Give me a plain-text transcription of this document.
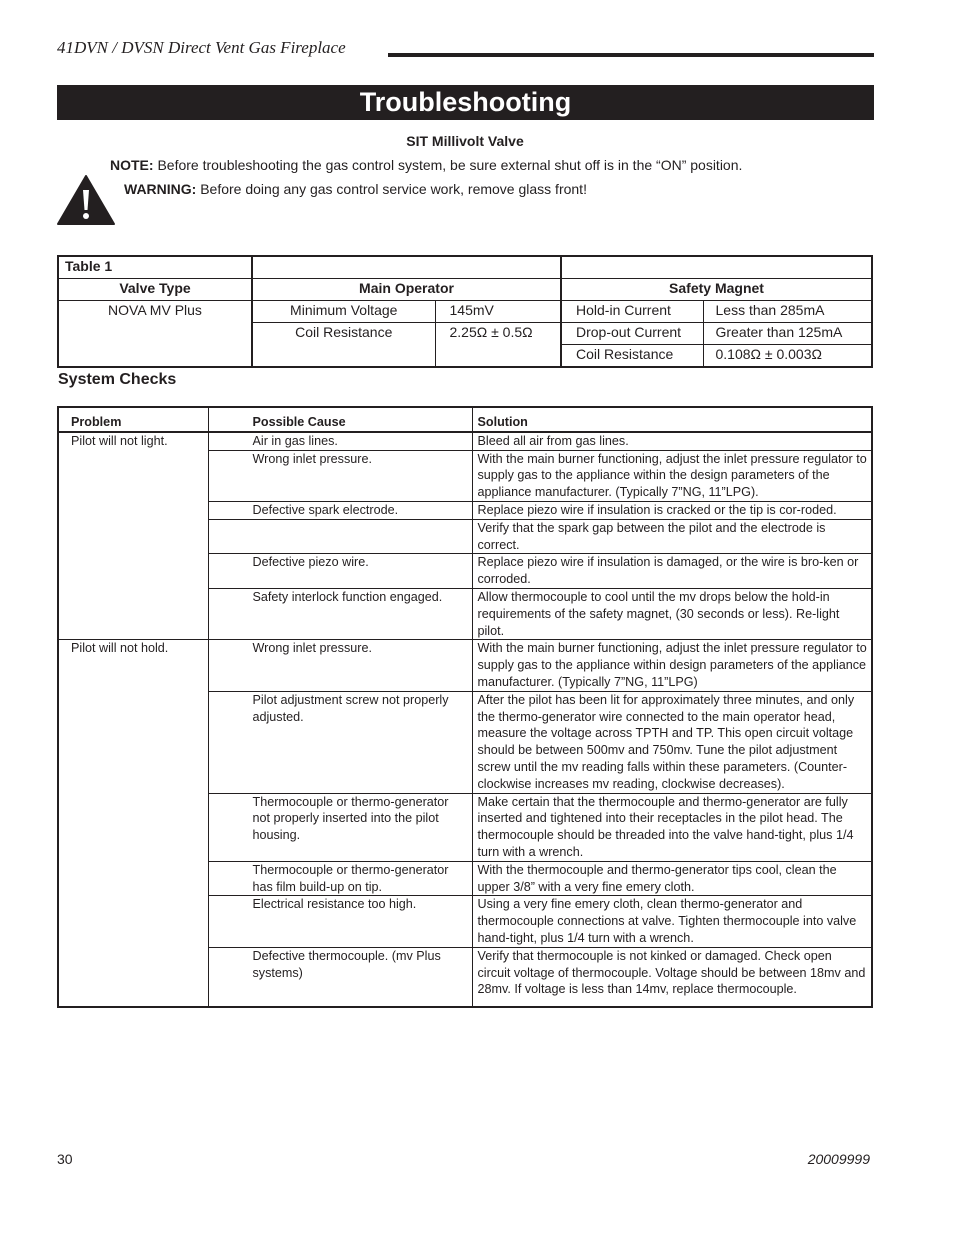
41DVN / DVSN Direct Vent Gas Fireplace
Troubleshooting
SIT Millivolt Valve
NOTE: Before troubleshooting the gas control system, be sure external shut off is in the “ON” position.
WARNING: Before doing any gas control service work, remove glass front!
Table 1				
Valve Type	Main Operator		Safety Magnet	
NOVA MV Plus	Minimum Voltage	145mV	Hold-in Current	Less than 285mA
	Coil Resistance	2.25Ω ± 0.5Ω	Drop-out Current	Greater than 125mA
			Coil Resistance	0.108Ω ± 0.003Ω
System Checks
Problem	Possible Cause	Solution
Pilot will not light.	Air in gas lines.	Bleed all air from gas lines.
	Wrong inlet pressure.	With the main burner functioning, adjust the inlet pressure regulator to supply gas to the appliance within the design parameters of the appliance manufacturer. (Typically 7”NG, 11”LPG).
	Defective spark electrode.	Replace piezo wire if insulation is cracked or the tip is cor-roded.
		Verify that the spark gap between the pilot and the electrode is correct.
	Defective piezo wire.	Replace piezo wire if insulation is damaged, or the wire is bro-ken or corroded.
	Safety interlock function engaged.	Allow thermocouple to cool until the mv drops below the hold-in requirements of the safety magnet, (30 seconds or less). Re-light pilot.
Pilot will not hold.	Wrong inlet pressure.	With the main burner functioning, adjust the inlet pressure regulator to supply gas to the appliance within design parameters of the appliance manufacturer. (Typically 7”NG, 11”LPG)
	Pilot adjustment screw not properly adjusted.	After the pilot has been lit for approximately three minutes, and only the thermo-generator wire connected to the main operator head, measure the voltage across TPTH and TP. This open circuit voltage should be between 500mv and 750mv. Tune the pilot adjustment screw until the mv reading falls within these parameters. (Counter-clockwise increases mv reading, clockwise decreases).
	Thermocouple or thermo-generator not properly inserted into the pilot housing.	Make certain that the thermocouple and thermo-generator are fully inserted and tightened into their receptacles in the pilot head. The thermocouple should be threaded into the valve hand-tight, plus 1/4 turn with a wrench.
	Thermocouple or thermo-generator has film build-up on tip.	With the thermocouple and thermo-generator tips cool, clean the upper 3/8” with a very fine emery cloth.
	Electrical resistance too high.	Using a very fine emery cloth, clean thermo-generator and thermocouple connections at valve. Tighten thermocouple into valve hand-tight, plus 1/4 turn with a wrench.
	Defective thermocouple. (mv Plus systems)	Verify that thermocouple is not kinked or damaged. Check open circuit voltage of thermocouple. Voltage should be between 18mv and 28mv. If voltage is less than 14mv, replace thermocouple.
30	20009999
